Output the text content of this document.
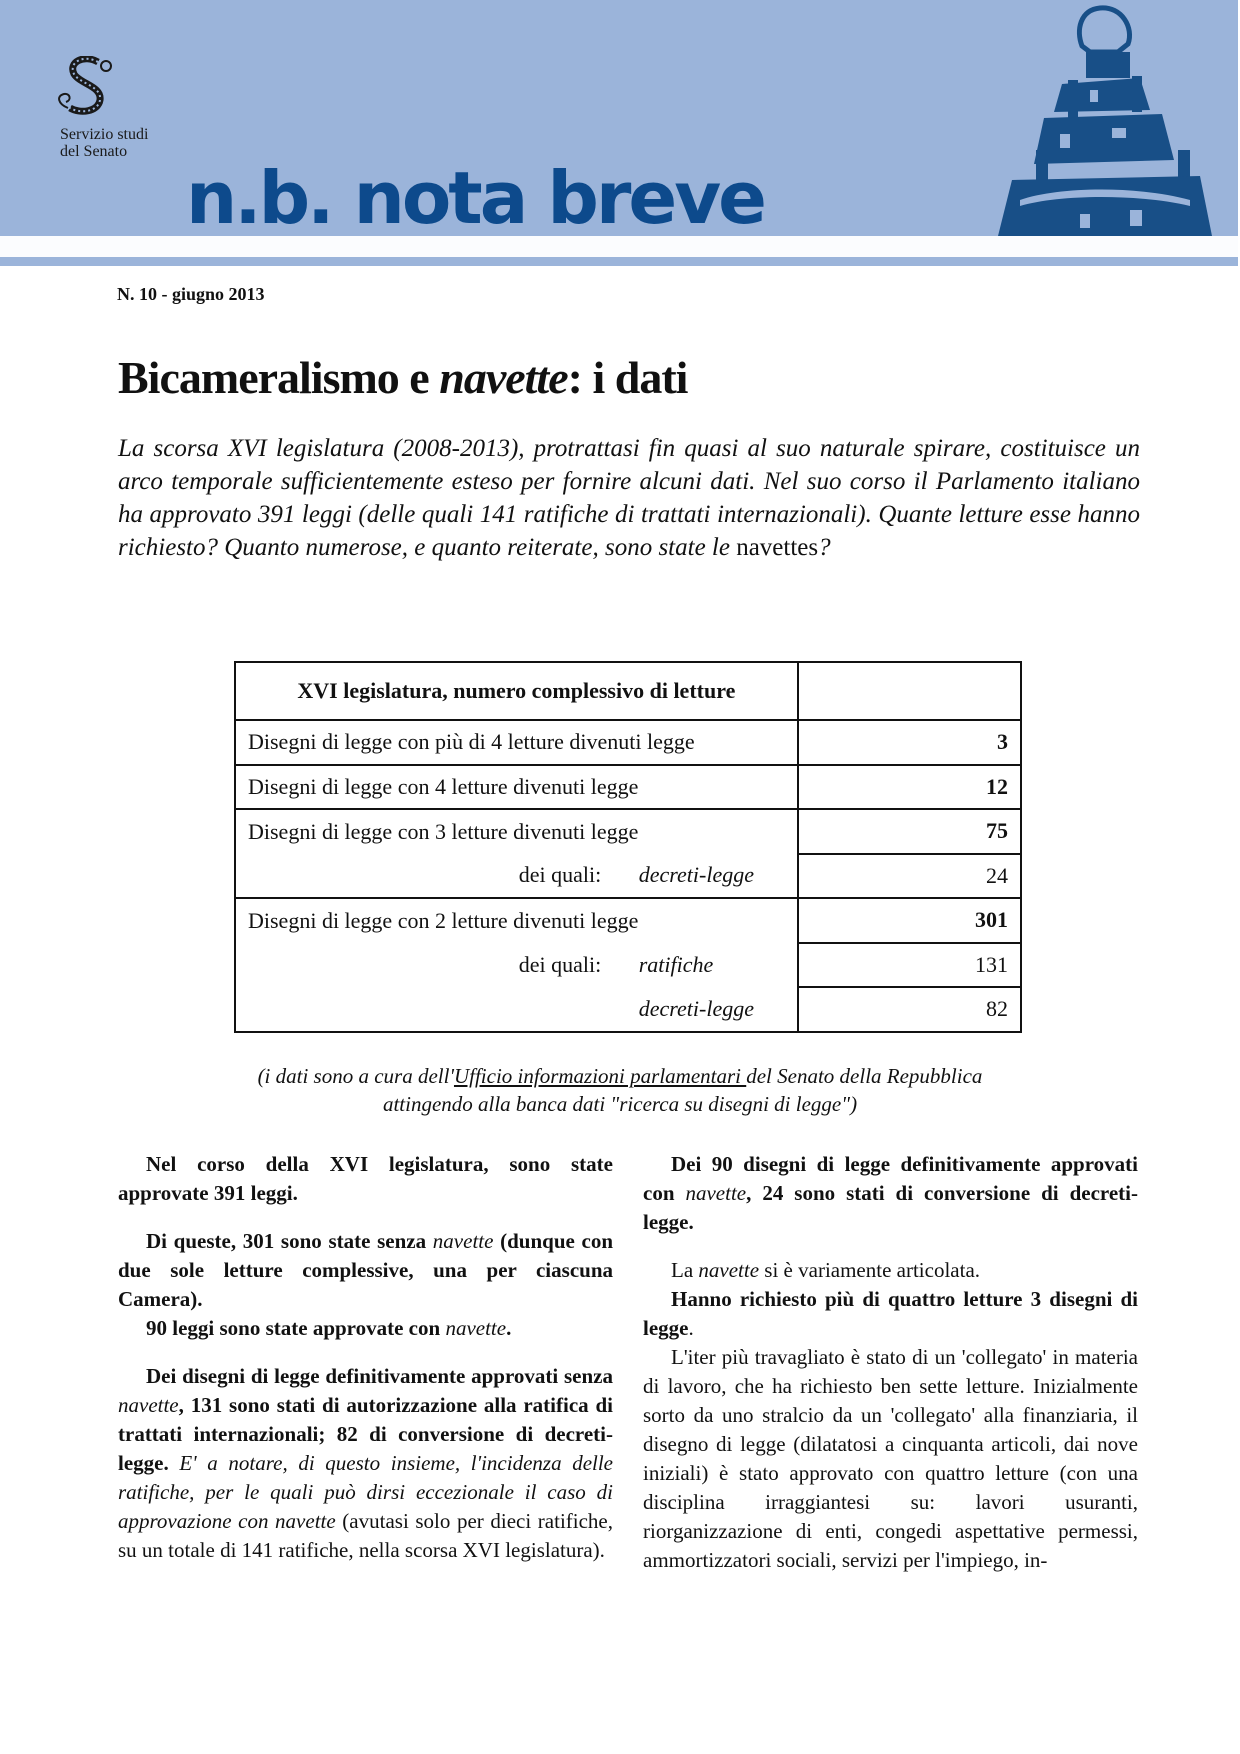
Servizio studi
del Senato
n.b. nota breve
N. 10 - giugno 2013
Bicameralismo e navette: i dati

La scorsa XVI legislatura (2008-2013), protrattasi fin quasi al suo naturale spirare, costituisce un arco temporale sufficientemente esteso per fornire alcuni dati. Nel suo corso il Parlamento italiano ha approvato 391 leggi (delle quali 141 ratifiche di trattati internazionali). Quante letture esse hanno richiesto? Quanto numerose, e quanto reiterate, sono state le navettes?

XVI legislatura, numero complessivo di letture	
Disegni di legge con più di 4 letture divenuti legge	3
Disegni di legge con 4 letture divenuti legge	12
Disegni di legge con 3 letture divenuti legge	75

dei quali: decreti-legge	24
Disegni di legge con 2 letture divenuti legge	301

dei quali: ratifiche	131

decreti-legge	82
(i dati sono a cura dell'Ufficio informazioni parlamentari del Senato della Repubblica
attingendo alla banca dati "ricerca su disegni di legge")

Nel corso della XVI legislatura, sono state approvate 391 leggi.

Di queste, 301 sono state senza navette (dunque con due sole letture complessive, una per ciascuna Camera).

90 leggi sono state approvate con navette.

Dei disegni di legge definitivamente approvati senza navette, 131 sono stati di autorizzazione alla ratifica di trattati internazionali; 82 di conversione di decreti-legge. E' a notare, di questo insieme, l'incidenza delle ratifiche, per le quali può dirsi eccezionale il caso di approvazione con navette (avutasi solo per dieci ratifiche, su un totale di 141 ratifiche, nella scorsa XVI legislatura).

Dei 90 disegni di legge definitivamente approvati con navette, 24 sono stati di conversione di decreti-legge.

La navette si è variamente articolata.

Hanno richiesto più di quattro letture 3 disegni di legge.

L'iter più travagliato è stato di un 'collegato' in materia di lavoro, che ha richiesto ben sette letture. Inizialmente sorto da uno stralcio da un 'collegato' alla finanziaria, il disegno di legge (dilatatosi a cinquanta articoli, dai nove iniziali) è stato approvato con quattro letture (con una disciplina irraggiantesi su: lavori usuranti, riorganizzazione di enti, congedi aspettative permessi, ammortizzatori sociali, servizi per l'impiego, in-
